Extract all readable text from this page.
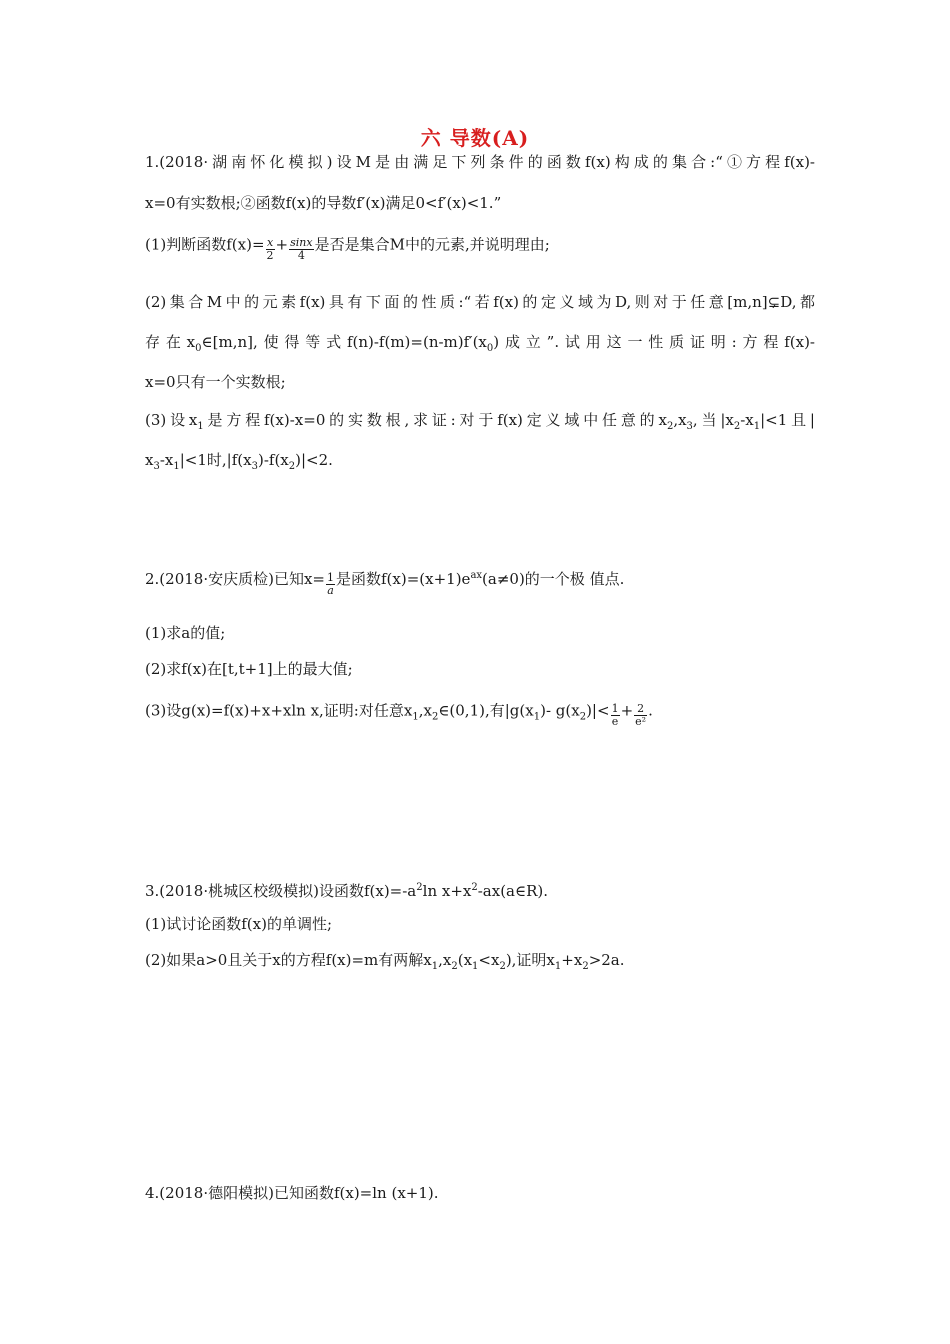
六 导数(A)
1.(2018·湖南怀化模拟)设M是由满足下列条件的函数f(x)构成的集合:“①方程f(x)-
x=0有实数根;②函数f(x)的导数f′(x)满足0<f′(x)<1.”
(1)判断函数$f(x)= \frac{x}{2} + \frac{\sin x}{4}$ 是否是集合M中的元素,并说明理由;
(2)集合M中的元素f(x)具有下面的性质:“若f(x)的定义域为D,则对于任意[m,n]⊊D,都
存在$x_0\in[m,n]$,使得等式$f(n)-f(m)=(n-m)f'(x_0)$成立”.试用这一性质证明:方程f(x)-
x=0只有一个实数根;
(3)设$x_1$是方程f(x)-x=0的实数根,求证:对于f(x)定义域中任意的$x_2,x_3$,当$|x_2-x_1|<1$且|
$x_3-x_1|<1$时$,|f(x_3)-f(x_2)|<2$.
2.(2018·安庆质检)已知$x= \frac{1}{a}$ 是函数$f(x)=(x+1)e^{ax}(a\ne 0)$的一个极 值点.
(1)求a的值;
(2)求f(x)在[t,t+1]上的最大值;
(3)设g(x)=f(x)+x+xln x,证明:对任意$x_1,x_2\in(0,1)$,有$|g(x_1)-$ $g(x_2)|< \frac{1}{e} + \frac{2}{\text{e²}}$ .
3.(2018·桃城区校级模拟)设函数$f(x)=-a^2\ln$ $x+x^2-ax(a\in R)$.
(1)试讨论函数f(x)的单调性;
(2)如果a>0且关于x的方程f(x)=m有两解$x_1,x_2(x_1<x_2)$,证明$x_1+x_2>2a$.
4.(2018·德阳模拟)已知函数f(x)=ln (x+1).
